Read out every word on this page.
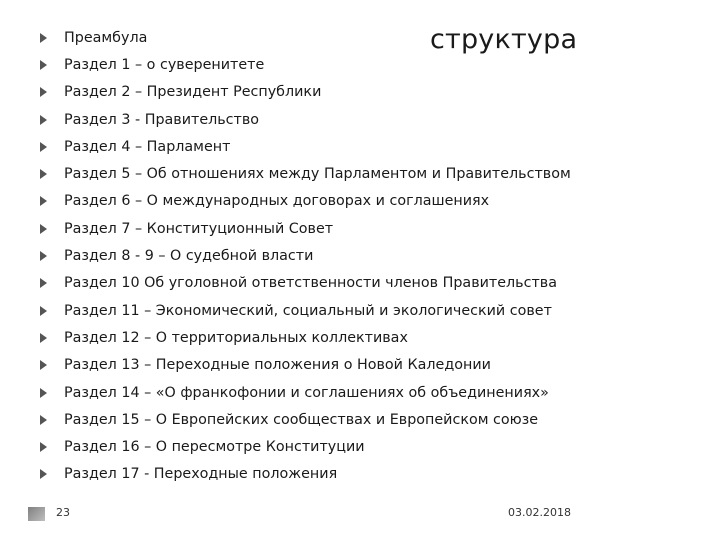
структура
Преамбула
Раздел 1 – о суверенитете
Раздел 2 – Президент Республики
Раздел 3 - Правительство
Раздел 4 – Парламент
Раздел 5 – Об отношениях между Парламентом и Правительством
Раздел 6 – О международных договорах и соглашениях
Раздел 7 – Конституционный Совет
Раздел 8 - 9 – О судебной власти
Раздел 10 Об уголовной ответственности членов Правительства
Раздел 11 – Экономический, социальный и экологический совет
Раздел 12 – О территориальных коллективах
Раздел 13 – Переходные положения о Новой Каледонии
Раздел 14 – «О франкофонии и соглашениях об объединениях»
Раздел 15 – О Европейских сообществах и Европейском союзе
Раздел 16 – О пересмотре Конституции
Раздел 17 - Переходные положения
23	03.02.2018
